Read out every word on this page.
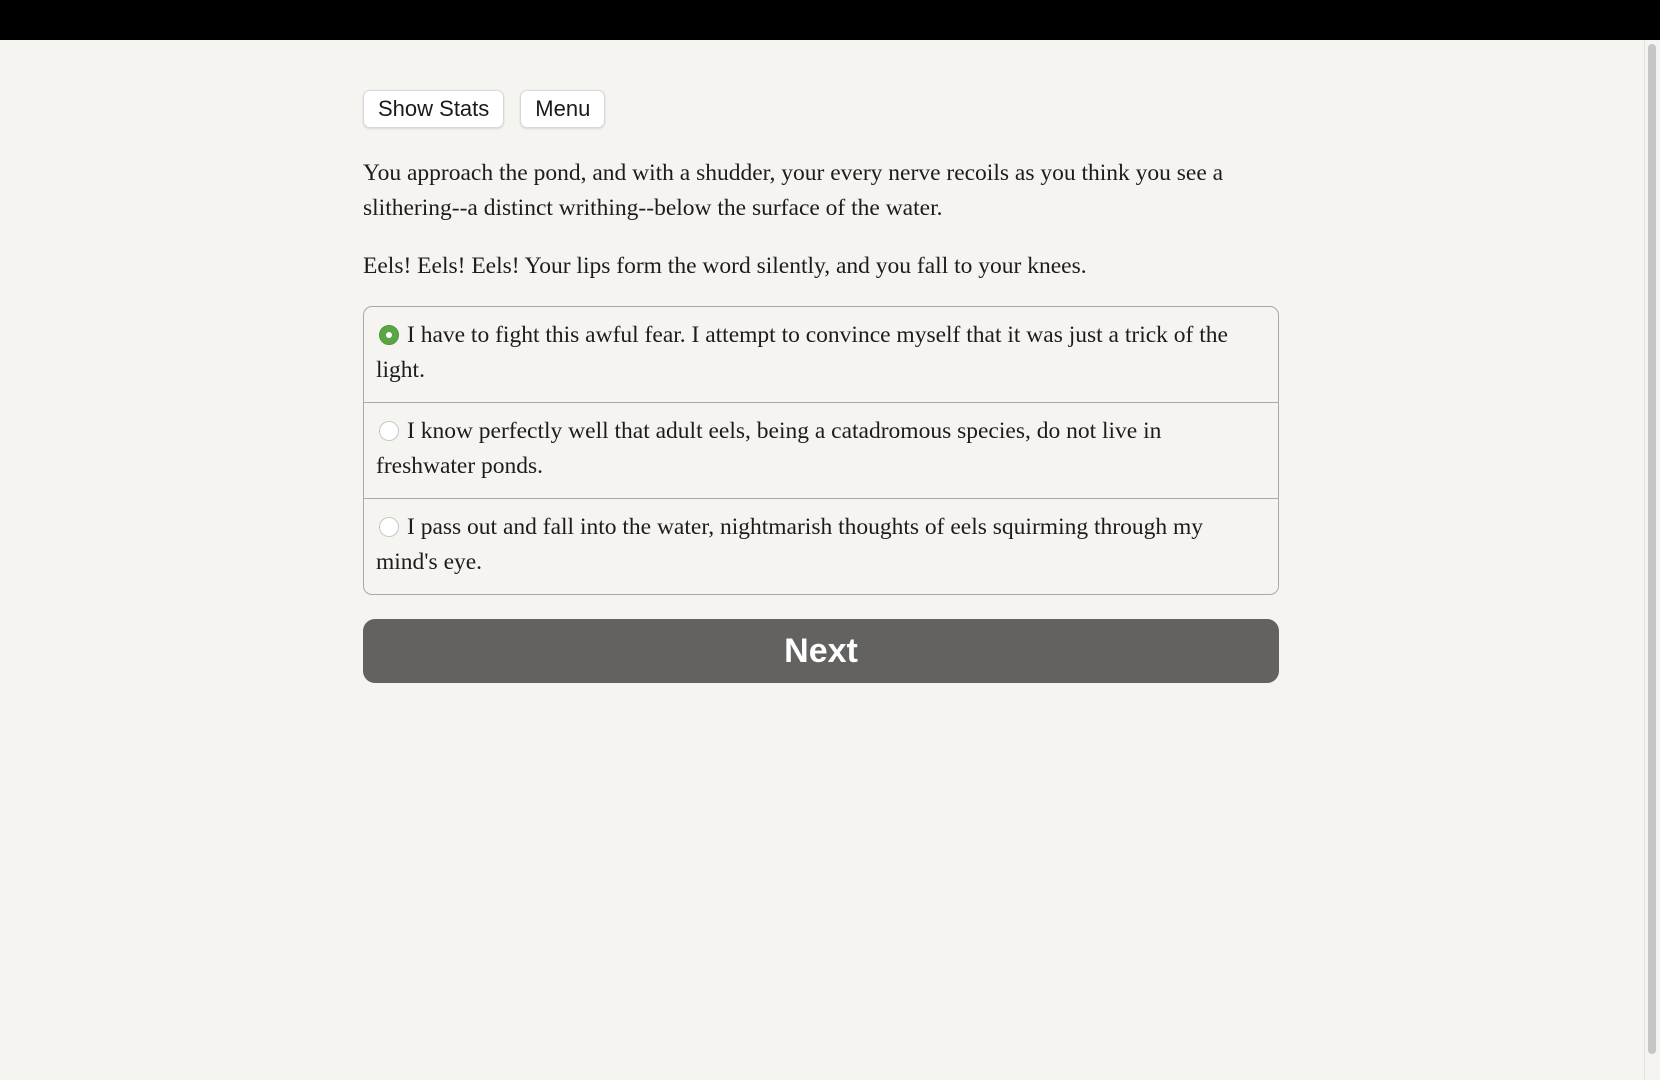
Show Stats	Menu

You approach the pond, and with a shudder, your every nerve recoils as you think you see a slithering--a distinct writhing--below the surface of the water.

Eels! Eels! Eels! Your lips form the word silently, and you fall to your knees.

I have to fight this awful fear. I attempt to convince myself that it was just a trick of the light.
I know perfectly well that adult eels, being a catadromous species, do not live in freshwater ponds.
I pass out and fall into the water, nightmarish thoughts of eels squirming through my mind's eye.
Next
